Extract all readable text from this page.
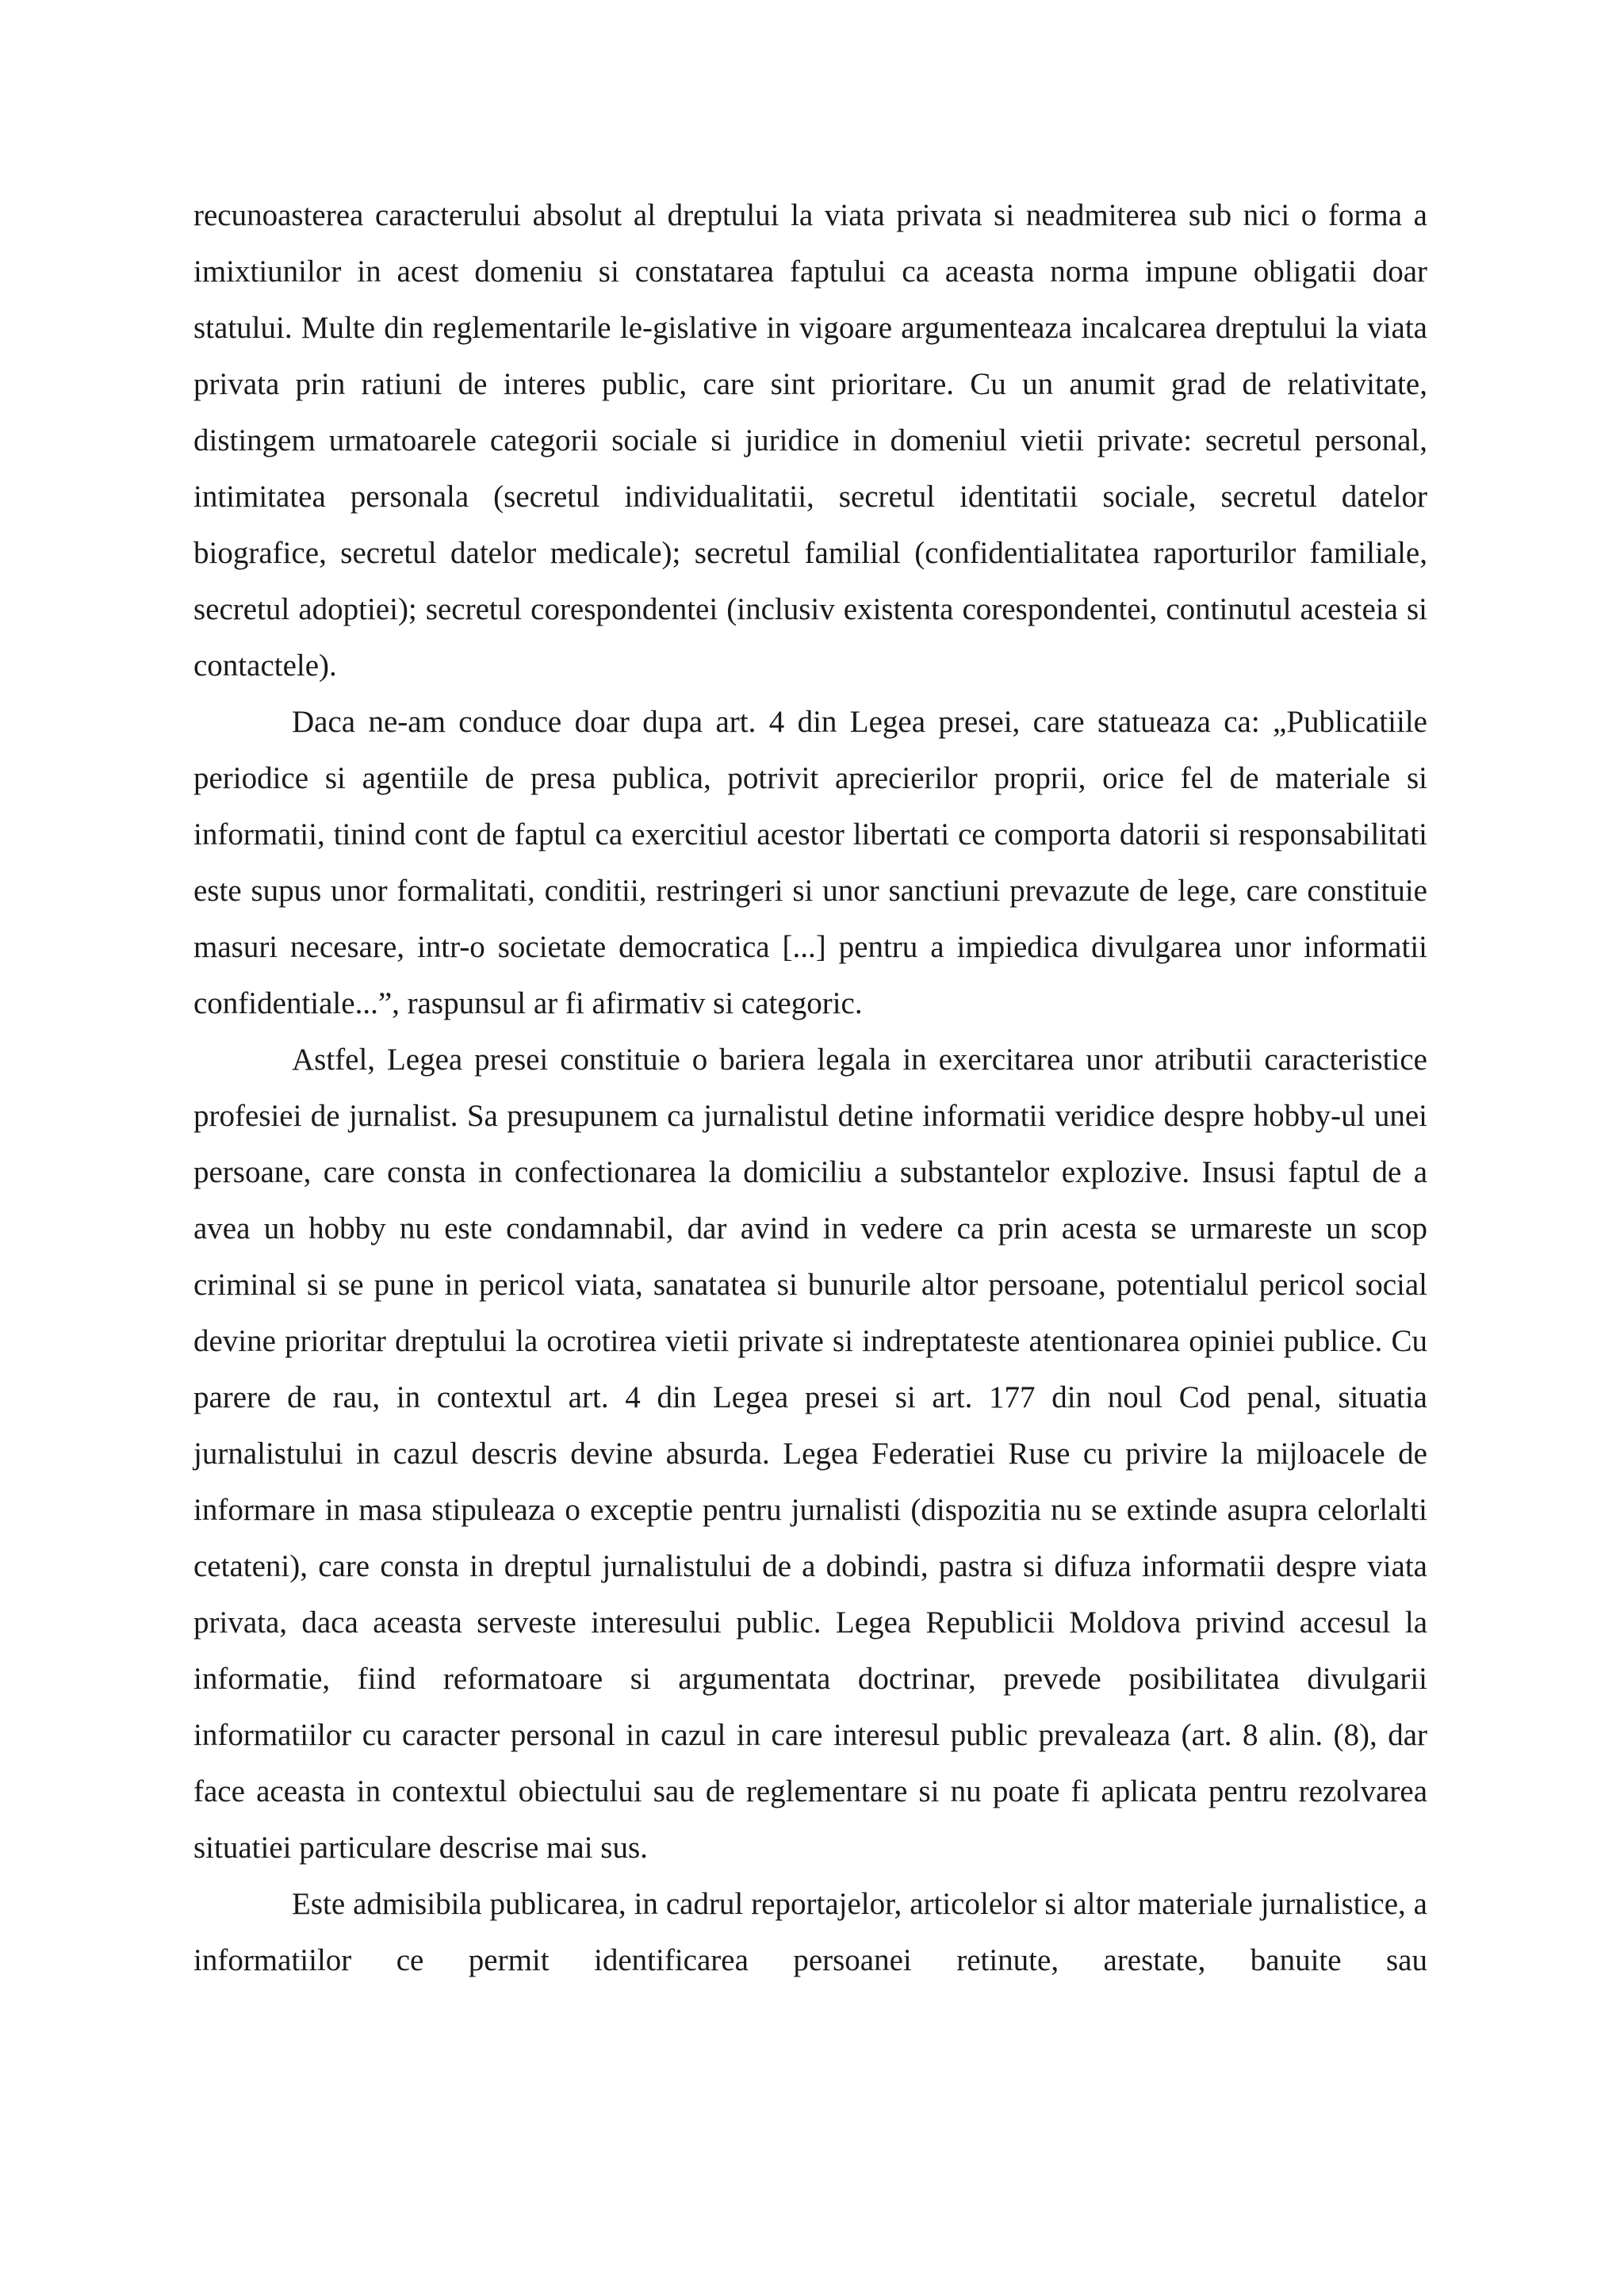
recunoasterea caracterului absolut al dreptului la viata privata si neadmiterea sub nici o forma a imixtiunilor in acest domeniu si constatarea faptului ca aceasta norma impune obligatii doar statului. Multe din reglementarile le-gislative in vigoare argumenteaza incalcarea dreptului la viata privata prin ratiuni de interes public, care sint prioritare. Cu un anumit grad de relativitate, distingem urmatoarele categorii sociale si juridice in domeniul vietii private: secretul personal, intimitatea personala (secretul individualitatii, secretul identitatii sociale, secretul datelor biografice, secretul datelor medicale); secretul familial (confidentialitatea raporturilor familiale, secretul adoptiei); secretul corespondentei (inclusiv existenta corespondentei, continutul acesteia si contactele).

Daca ne-am conduce doar dupa art. 4 din Legea presei, care statueaza ca: „Publicatiile periodice si agentiile de presa publica, potrivit aprecierilor proprii, orice fel de materiale si informatii, tinind cont de faptul ca exercitiul acestor libertati ce comporta datorii si responsabilitati este supus unor formalitati, conditii, restringeri si unor sanctiuni prevazute de lege, care constituie masuri necesare, intr-o societate democratica [...] pentru a impiedica divulgarea unor informatii confidentiale...”, raspunsul ar fi afirmativ si categoric.

Astfel, Legea presei constituie o bariera legala in exercitarea unor atributii caracteristice profesiei de jurnalist. Sa presupunem ca jurnalistul detine informatii veridice despre hobby-ul unei persoane, care consta in confectionarea la domiciliu a substantelor explozive. Insusi faptul de a avea un hobby nu este condamnabil, dar avind in vedere ca prin acesta se urmareste un scop criminal si se pune in pericol viata, sanatatea si bunurile altor persoane, potentialul pericol social devine prioritar dreptului la ocrotirea vietii private si indreptateste atentionarea opiniei publice. Cu parere de rau, in contextul art. 4 din Legea presei si art. 177 din noul Cod penal, situatia jurnalistului in cazul descris devine absurda. Legea Federatiei Ruse cu privire la mijloacele de informare in masa stipuleaza o exceptie pentru jurnalisti (dispozitia nu se extinde asupra celorlalti cetateni), care consta in dreptul jurnalistului de a dobindi, pastra si difuza informatii despre viata privata, daca aceasta serveste interesului public. Legea Republicii Moldova privind accesul la informatie, fiind reformatoare si argumentata doctrinar, prevede posibilitatea divulgarii informatiilor cu caracter personal in cazul in care interesul public prevaleaza (art. 8 alin. (8), dar face aceasta in contextul obiectului sau de reglementare si nu poate fi aplicata pentru rezolvarea situatiei particulare descrise mai sus.

Este admisibila publicarea, in cadrul reportajelor, articolelor si altor materiale jurnalistice, a informatiilor ce permit identificarea persoanei retinute, arestate, banuite sau
